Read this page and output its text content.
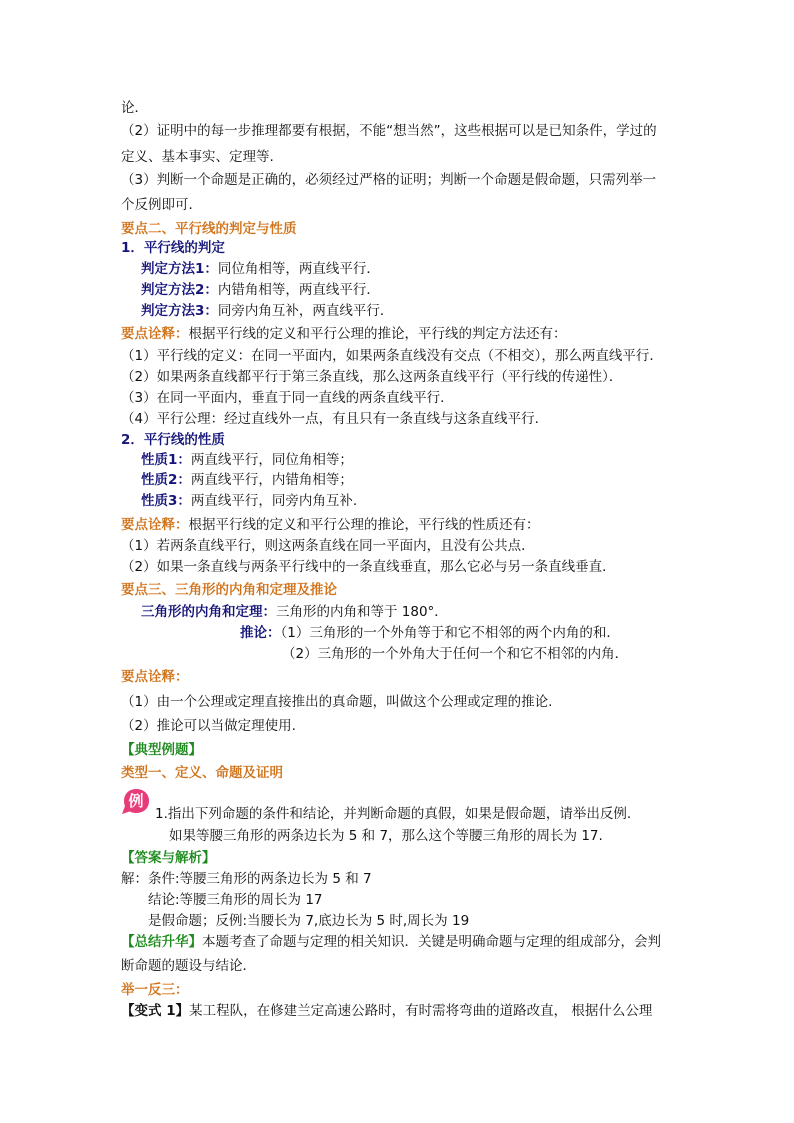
论．
（2）证明中的每一步推理都要有根据，不能“想当然”，这些根据可以是已知条件，学过的
定义、基本事实、定理等.
（3）判断一个命题是正确的，必须经过严格的证明；判断一个命题是假命题，只需列举一
个反例即可．
要点二、平行线的判定与性质
1．平行线的判定
判定方法1：同位角相等，两直线平行．
判定方法2：内错角相等，两直线平行．
判定方法3：同旁内角互补，两直线平行．
要点诠释：根据平行线的定义和平行公理的推论，平行线的判定方法还有：
（1）平行线的定义：在同一平面内，如果两条直线没有交点（不相交），那么两直线平行.
（2）如果两条直线都平行于第三条直线，那么这两条直线平行（平行线的传递性）．
（3）在同一平面内，垂直于同一直线的两条直线平行.
（4）平行公理：经过直线外一点，有且只有一条直线与这条直线平行.
2．平行线的性质
性质1：两直线平行，同位角相等；
性质2：两直线平行，内错角相等；
性质3：两直线平行，同旁内角互补.
要点诠释：根据平行线的定义和平行公理的推论，平行线的性质还有：
（1）若两条直线平行，则这两条直线在同一平面内，且没有公共点．
（2）如果一条直线与两条平行线中的一条直线垂直，那么它必与另一条直线垂直．
要点三、三角形的内角和定理及推论
三角形的内角和定理：三角形的内角和等于 180°．
推论：（1）三角形的一个外角等于和它不相邻的两个内角的和．
（2）三角形的一个外角大于任何一个和它不相邻的内角．
要点诠释：
（1）由一个公理或定理直接推出的真命题，叫做这个公理或定理的推论.
（2）推论可以当做定理使用.
【典型例题】
类型一、定义、命题及证明
例
1.指出下列命题的条件和结论，并判断命题的真假，如果是假命题，请举出反例.
如果等腰三角形的两条边长为 5 和 7，那么这个等腰三角形的周长为 17.
【答案与解析】
解：条件:等腰三角形的两条边长为 5 和 7
结论:等腰三角形的周长为 17
是假命题；反例:当腰长为 7,底边长为 5 时,周长为 19
【总结升华】本题考查了命题与定理的相关知识．关键是明确命题与定理的组成部分，会判
断命题的题设与结论．
举一反三：
【变式 1】某工程队，在修建兰定高速公路时，有时需将弯曲的道路改直， 根据什么公理
